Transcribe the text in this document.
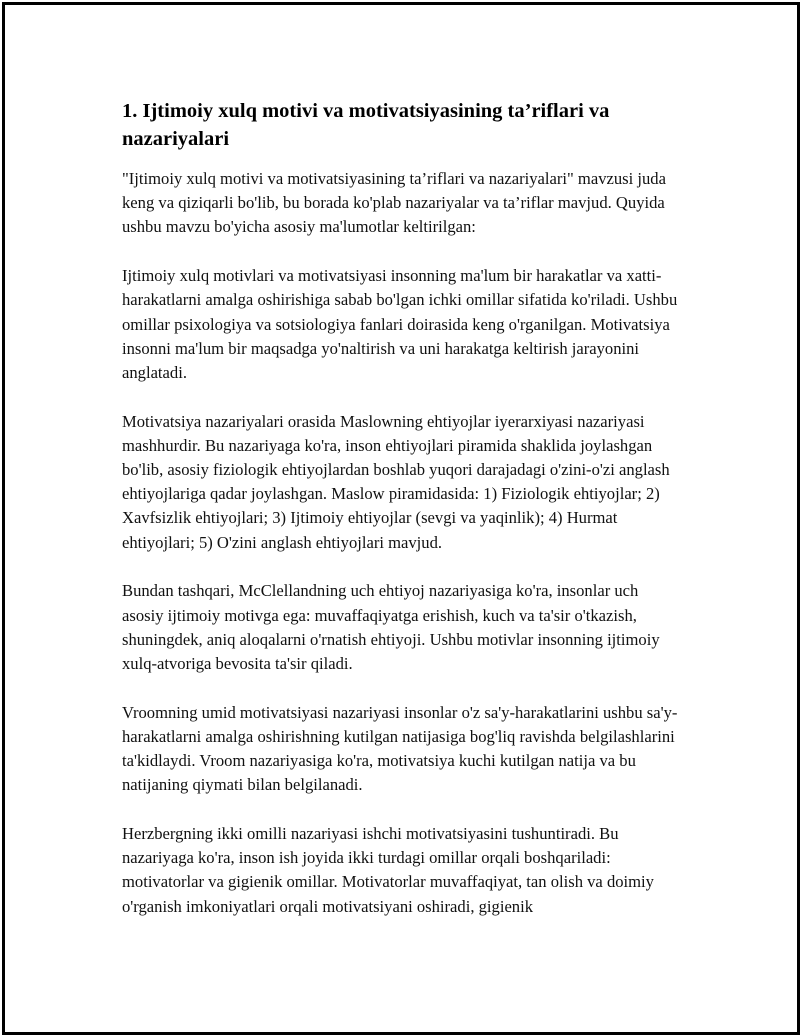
1. Ijtimoiy xulq motivi va motivatsiyasining ta’riflari va nazariyalari

"Ijtimoiy xulq motivi va motivatsiyasining ta’riflari va nazariyalari" mavzusi juda keng va qiziqarli bo'lib, bu borada ko'plab nazariyalar va ta’riflar mavjud. Quyida ushbu mavzu bo'yicha asosiy ma'lumotlar keltirilgan:

Ijtimoiy xulq motivlari va motivatsiyasi insonning ma'lum bir harakatlar va xatti-harakatlarni amalga oshirishiga sabab bo'lgan ichki omillar sifatida ko'riladi. Ushbu omillar psixologiya va sotsiologiya fanlari doirasida keng o'rganilgan. Motivatsiya insonni ma'lum bir maqsadga yo'naltirish va uni harakatga keltirish jarayonini anglatadi.

Motivatsiya nazariyalari orasida Maslowning ehtiyojlar iyerarxiyasi nazariyasi mashhurdir. Bu nazariyaga ko'ra, inson ehtiyojlari piramida shaklida joylashgan bo'lib, asosiy fiziologik ehtiyojlardan boshlab yuqori darajadagi o'zini-o'zi anglash ehtiyojlariga qadar joylashgan. Maslow piramidasida: 1) Fiziologik ehtiyojlar; 2) Xavfsizlik ehtiyojlari; 3) Ijtimoiy ehtiyojlar (sevgi va yaqinlik); 4) Hurmat ehtiyojlari; 5) O'zini anglash ehtiyojlari mavjud.

Bundan tashqari, McClellandning uch ehtiyoj nazariyasiga ko'ra, insonlar uch asosiy ijtimoiy motivga ega: muvaffaqiyatga erishish, kuch va ta'sir o'tkazish, shuningdek, aniq aloqalarni o'rnatish ehtiyoji. Ushbu motivlar insonning ijtimoiy xulq-atvoriga bevosita ta'sir qiladi.

Vroomning umid motivatsiyasi nazariyasi insonlar o'z sa'y-harakatlarini ushbu sa'y-harakatlarni amalga oshirishning kutilgan natijasiga bog'liq ravishda belgilashlarini ta'kidlaydi. Vroom nazariyasiga ko'ra, motivatsiya kuchi kutilgan natija va bu natijaning qiymati bilan belgilanadi.

Herzbergning ikki omilli nazariyasi ishchi motivatsiyasini tushuntiradi. Bu nazariyaga ko'ra, inson ish joyida ikki turdagi omillar orqali boshqariladi: motivatorlar va gigienik omillar. Motivatorlar muvaffaqiyat, tan olish va doimiy o'rganish imkoniyatlari orqali motivatsiyani oshiradi, gigienik
